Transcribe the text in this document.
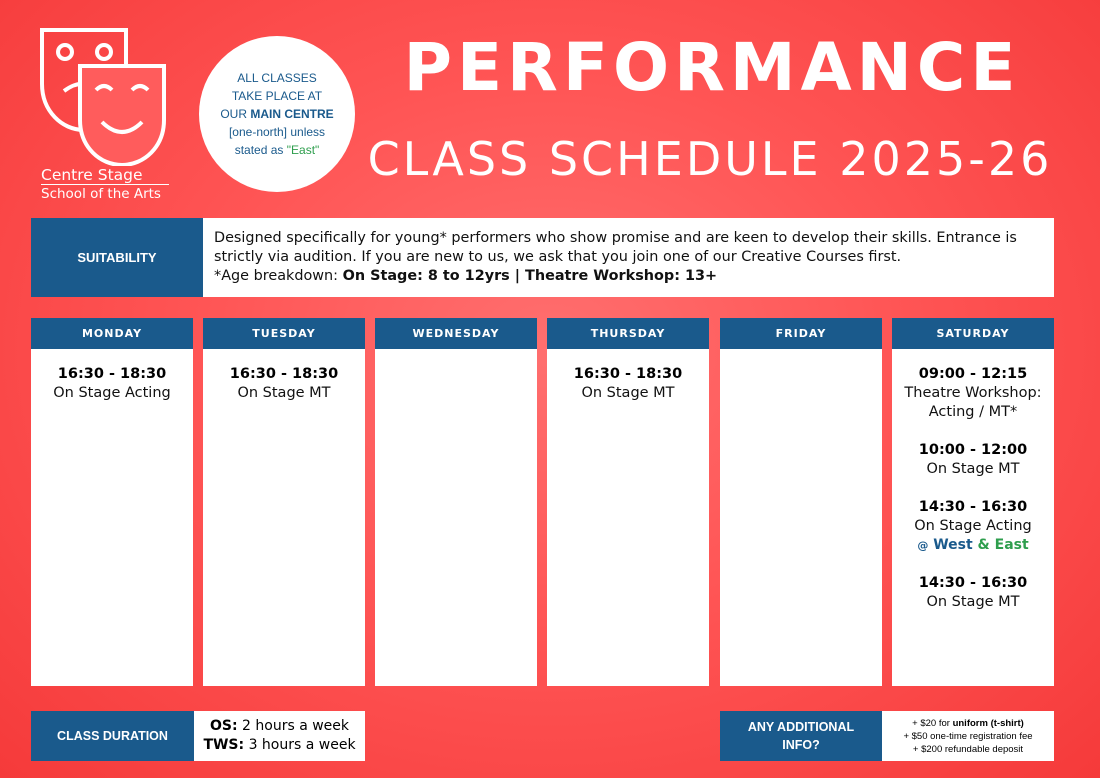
Centre Stage
School of the Arts
ALL CLASSES
TAKE PLACE AT
OUR MAIN CENTRE
[one-north] unless
stated as "East"
PERFORMANCE
CLASS SCHEDULE 2025-26
SUITABILITY
Designed specifically for young* performers who show promise and are keen to develop their skills. Entrance is strictly via audition. If you are new to us, we ask that you join one of our Creative Courses first.
*Age breakdown: On Stage: 8 to 12yrs | Theatre Workshop: 13+
MONDAY
16:30 - 18:30
On Stage Acting
TUESDAY
16:30 - 18:30
On Stage MT
WEDNESDAY	THURSDAY
16:30 - 18:30
On Stage MT
FRIDAY	SATURDAY
09:00 - 12:15
Theatre Workshop:
Acting / MT*
10:00 - 12:00
On Stage MT
14:30 - 16:30
On Stage Acting
@ West & East
14:30 - 16:30
On Stage MT
CLASS DURATION
OS: 2 hours a week
TWS: 3 hours a week
ANY ADDITIONAL
INFO?
+ $20 for uniform (t-shirt)
+ $50 one-time registration fee
+ $200 refundable deposit
